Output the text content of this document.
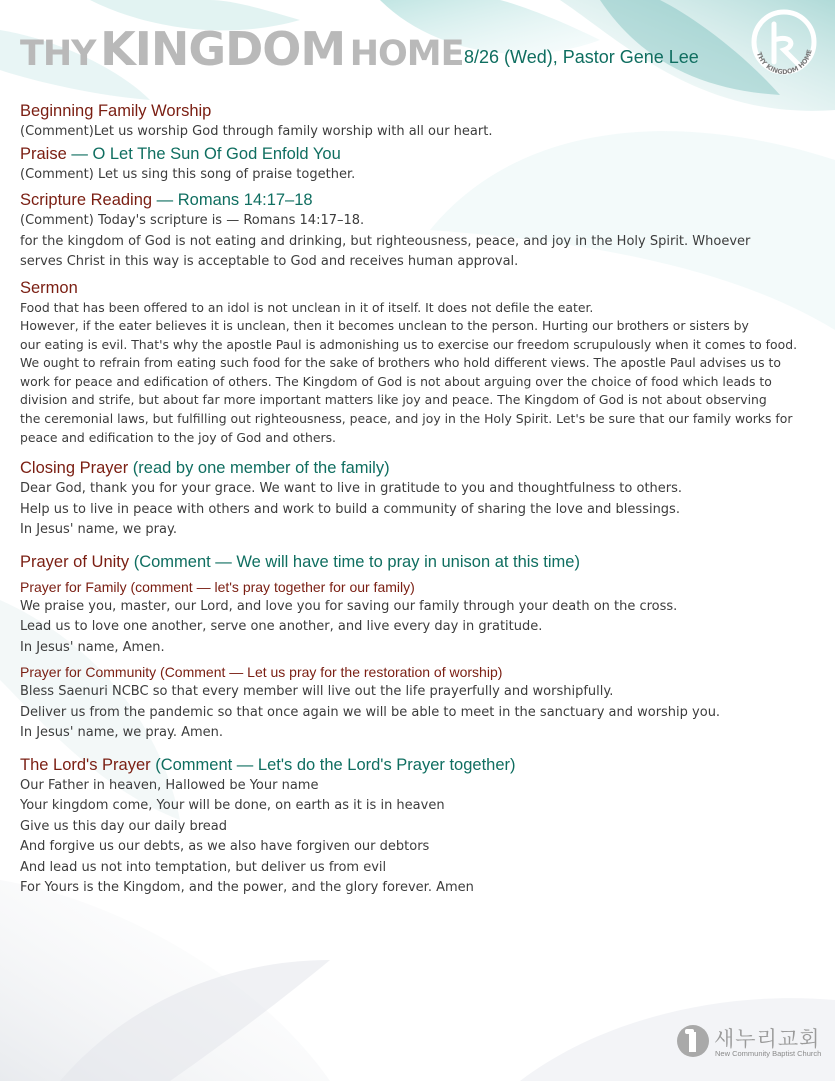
THY KINGDOM HOME 8/26 (Wed), Pastor Gene Lee	THY KINGDOM HOME
Beginning Family Worship
(Comment)Let us worship God through family worship with all our heart.
Praise — O Let The Sun Of God Enfold You
(Comment) Let us sing this song of praise together.
Scripture Reading — Romans 14:17–18
(Comment) Today's scripture is — Romans 14:17–18.
for the kingdom of God is not eating and drinking, but righteousness, peace, and joy in the Holy Spirit. Whoever
serves Christ in this way is acceptable to God and receives human approval.
Sermon
Food that has been offered to an idol is not unclean in it of itself. It does not defile the eater.
However, if the eater believes it is unclean, then it becomes unclean to the person. Hurting our brothers or sisters by
our eating is evil. That's why the apostle Paul is admonishing us to exercise our freedom scrupulously when it comes to food.
We ought to refrain from eating such food for the sake of brothers who hold different views. The apostle Paul advises us to
work for peace and edification of others. The Kingdom of God is not about arguing over the choice of food which leads to
division and strife, but about far more important matters like joy and peace. The Kingdom of God is not about observing
the ceremonial laws, but fulfilling out righteousness, peace, and joy in the Holy Spirit. Let's be sure that our family works for
peace and edification to the joy of God and others.
Closing Prayer (read by one member of the family)
Dear God, thank you for your grace. We want to live in gratitude to you and thoughtfulness to others.
Help us to live in peace with others and work to build a community of sharing the love and blessings.
In Jesus' name, we pray.
Prayer of Unity (Comment — We will have time to pray in unison at this time)
Prayer for Family (comment — let's pray together for our family)
We praise you, master, our Lord, and love you for saving our family through your death on the cross.
Lead us to love one another, serve one another, and live every day in gratitude.
In Jesus' name, Amen.
Prayer for Community (Comment — Let us pray for the restoration of worship)
Bless Saenuri NCBC so that every member will live out the life prayerfully and worshipfully.
Deliver us from the pandemic so that once again we will be able to meet in the sanctuary and worship you.
In Jesus' name, we pray. Amen.
The Lord's Prayer (Comment — Let's do the Lord's Prayer together)
Our Father in heaven, Hallowed be Your name
Your kingdom come, Your will be done, on earth as it is in heaven
Give us this day our daily bread
And forgive us our debts, as we also have forgiven our debtors
And lead us not into temptation, but deliver us from evil
For Yours is the Kingdom, and the power, and the glory forever. Amen
새누리교회
New Community Baptist Church
